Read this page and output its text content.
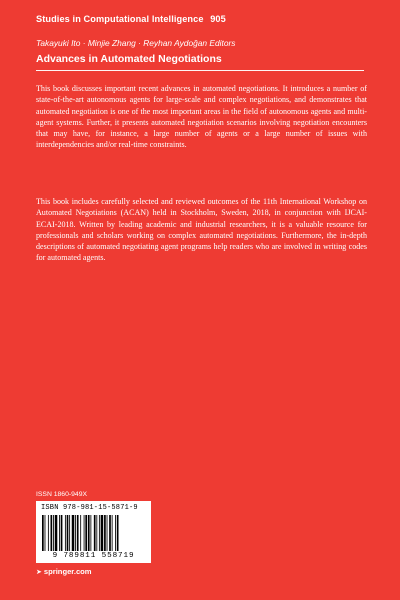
Studies in Computational Intelligence 905
Takayuki Ito · Minjie Zhang · Reyhan Aydoğan Editors
Advances in Automated Negotiations

This book discusses important recent advances in automated negotiations. It introduces a number of state-of-the-art autonomous agents for large-scale and complex negotiations, and demonstrates that automated negotiation is one of the most important areas in the field of autonomous agents and multi-agent systems. Further, it presents automated negotiation scenarios involving negotiation encounters that may have, for instance, a large number of agents or a large number of issues with interdependencies and/or real-time constraints.

This book includes carefully selected and reviewed outcomes of the 11th International Workshop on Automated Negotiations (ACAN) held in Stockholm, Sweden, 2018, in conjunction with IJCAI-ECAI-2018. Written by leading academic and industrial researchers, it is a valuable resource for professionals and scholars working on complex automated negotiations. Furthermore, the in-depth descriptions of automated negotiating agent programs help readers who are involved in writing codes for automated agents.

ISSN 1860-949X
ISBN 978-981-15-5871-9
9 789811 558719
➤ springer.com
